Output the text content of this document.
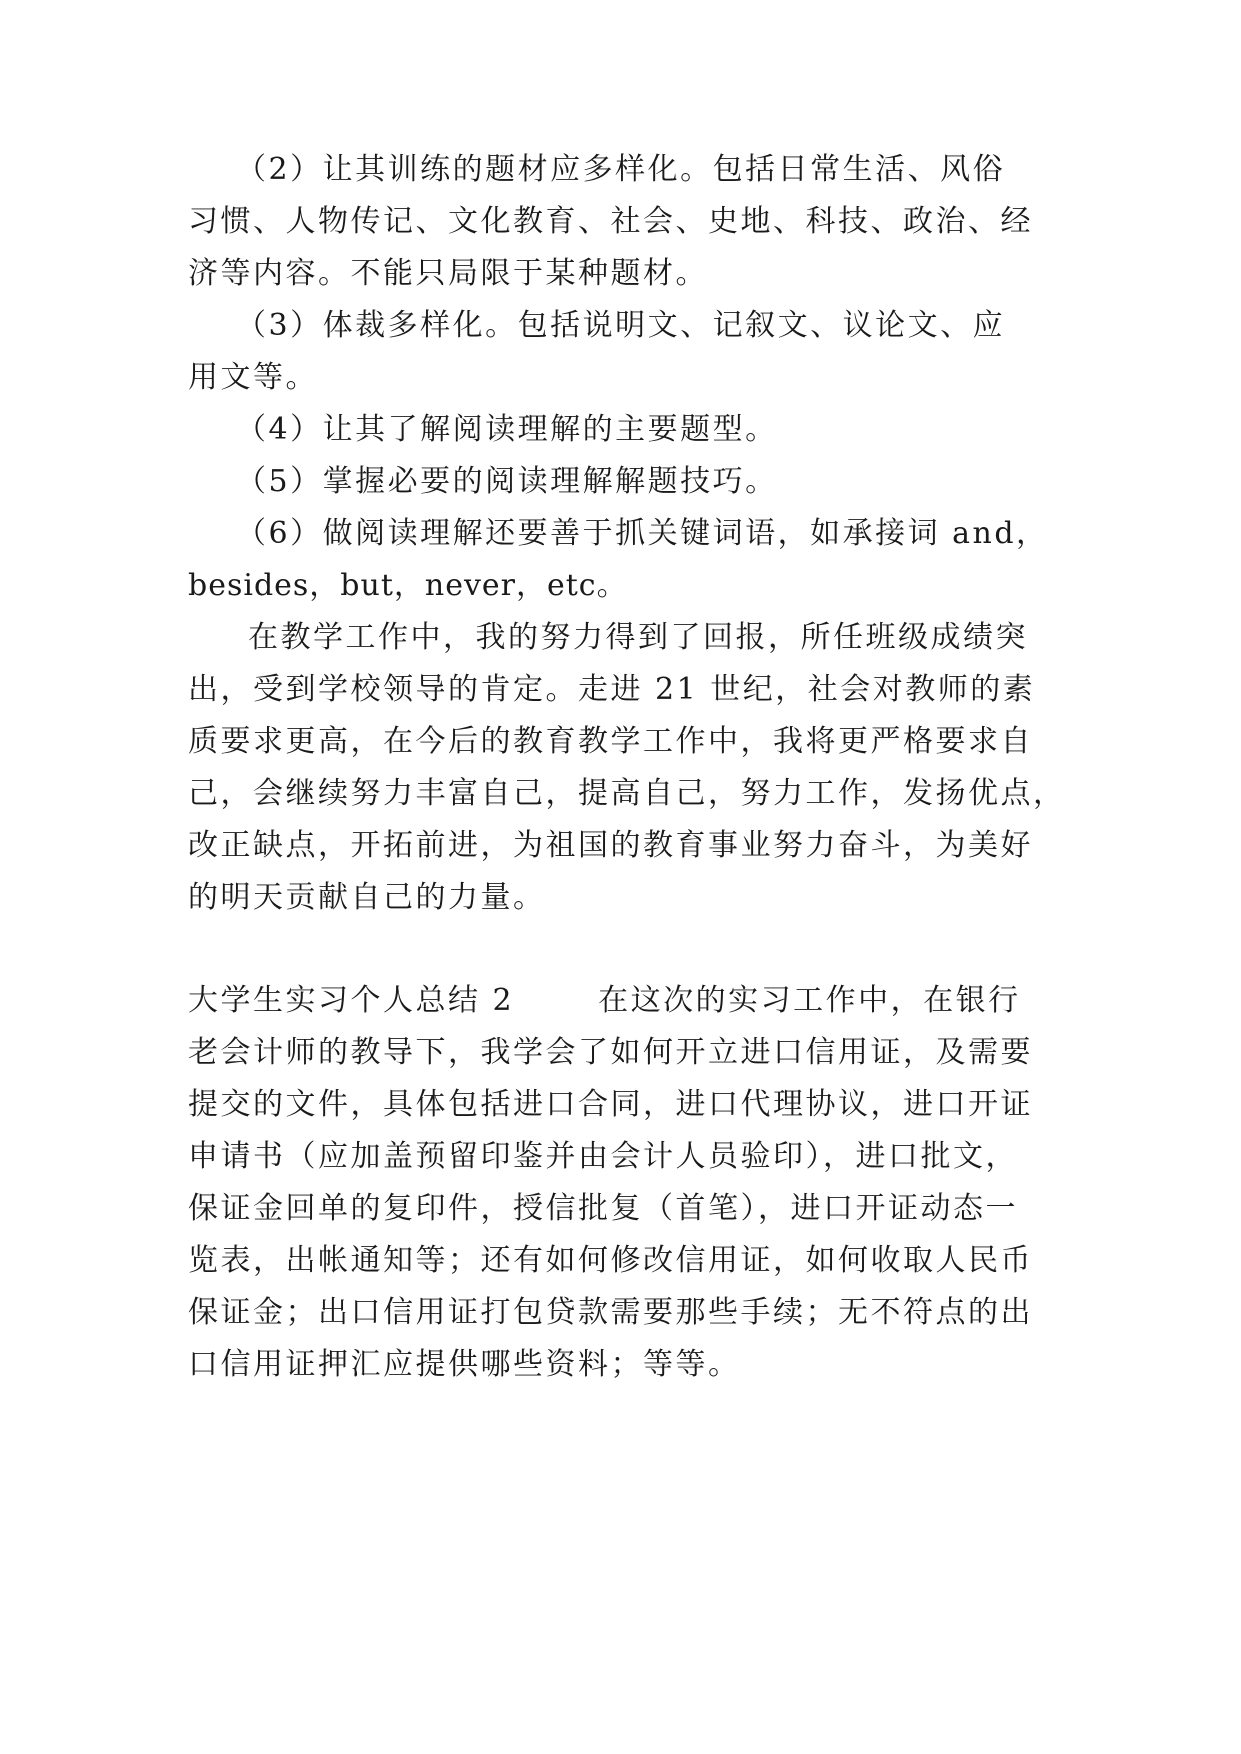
（2）让其训练的题材应多样化。包括日常生活、风俗
习惯、人物传记、文化教育、社会、史地、科技、政治、经
济等内容。不能只局限于某种题材。
（3）体裁多样化。包括说明文、记叙文、议论文、应
用文等。
（4）让其了解阅读理解的主要题型。
（5）掌握必要的阅读理解解题技巧。
（6）做阅读理解还要善于抓关键词语，如承接词 and，
besides，but，never，etc。
在教学工作中，我的努力得到了回报，所任班级成绩突
出，受到学校领导的肯定。走进 21 世纪，社会对教师的素
质要求更高，在今后的教育教学工作中，我将更严格要求自
己，会继续努力丰富自己，提高自己，努力工作，发扬优点，
改正缺点，开拓前进，为祖国的教育事业努力奋斗，为美好
的明天贡献自己的力量。
大学生实习个人总结 2	在这次的实习工作中，在银行
老会计师的教导下，我学会了如何开立进口信用证，及需要
提交的文件，具体包括进口合同，进口代理协议，进口开证
申请书（应加盖预留印鉴并由会计人员验印），进口批文，
保证金回单的复印件，授信批复（首笔），进口开证动态一
览表，出帐通知等；还有如何修改信用证，如何收取人民币
保证金；出口信用证打包贷款需要那些手续；无不符点的出
口信用证押汇应提供哪些资料；等等。
